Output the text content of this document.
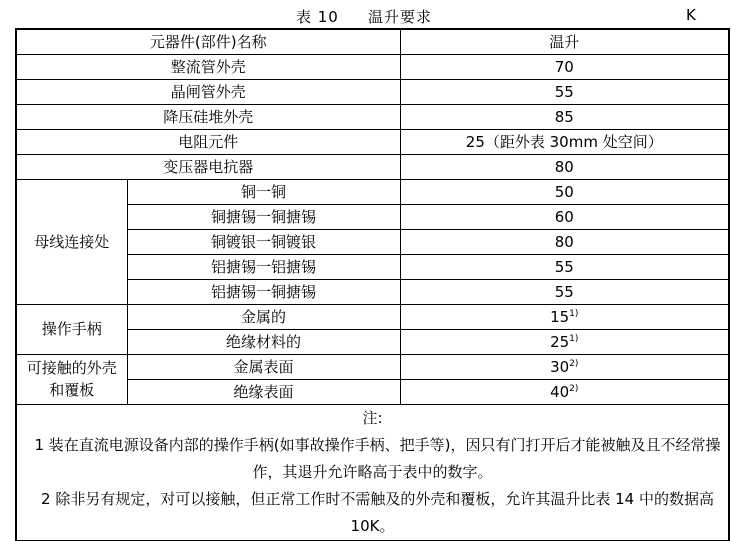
表 10 温升要求	K
元器件(部件)名称		温升
整流管外壳		70
晶闸管外壳		55
降压硅堆外壳		85
电阻元件		25（距外表 30mm 处空间）
变压器电抗器		80
母线连接处	铜一铜	50
	铜搪锡一铜搪锡	60
	铜镀银一铜镀银	80
	铝搪锡一铝搪锡	55
	铝搪锡一铜搪锡	55
操作手柄	金属的	15$^{1)}$
	绝缘材料的	25$^{1)}$
可接触的外壳和覆板	金属表面	30$^{2)}$
	绝缘表面	40$^{2)}$

注:
1 装在直流电源设备内部的操作手柄(如事故操作手柄、把手等)，因只有门打开后才能被触及且不经常操作，其退升允许略高于表中的数字。
2 除非另有规定，对可以接触，但正常工作时不需触及的外壳和覆板，允许其温升比表 14 中的数据高 10K。		
